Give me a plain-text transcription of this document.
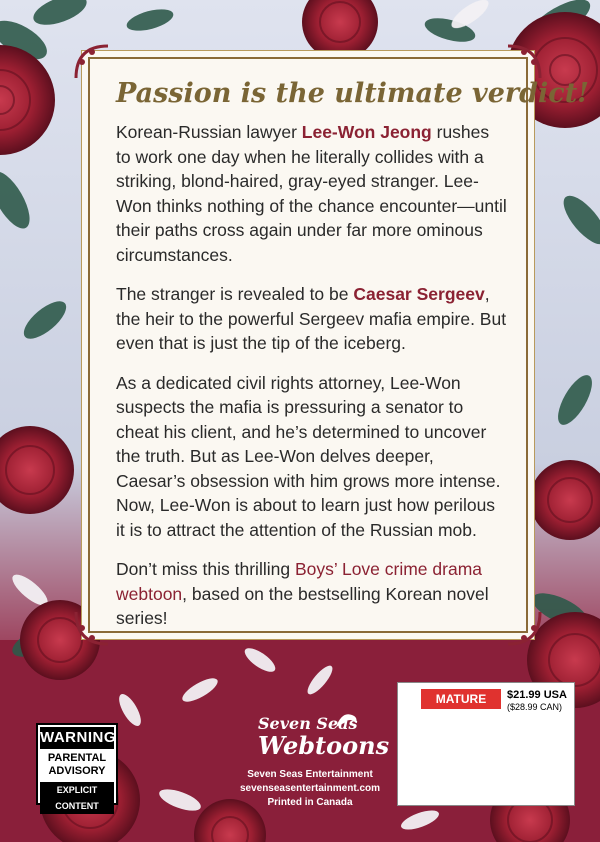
Passion is the ultimate verdict!

Korean-Russian lawyer Lee-Won Jeong rushes to work one day when he literally collides with a striking, blond-haired, gray-eyed stranger. Lee-Won thinks nothing of the chance encounter—until their paths cross again under far more ominous circumstances.

The stranger is revealed to be Caesar Sergeev, the heir to the powerful Sergeev mafia empire. But even that is just the tip of the iceberg.

As a dedicated civil rights attorney, Lee-Won suspects the mafia is pressuring a senator to cheat his client, and he’s determined to uncover the truth. But as Lee-Won delves deeper, Caesar’s obsession with him grows more intense. Now, Lee-Won is about to learn just how perilous it is to attract the attention of the Russian mob.

Don’t miss this thrilling Boys’ Love crime drama webtoon, based on the bestselling Korean novel series!

WARNING
PARENTAL
ADVISORY
EXPLICIT CONTENT
Seven Seas
Webtoons
Seven Seas Entertainment
sevenseasentertainment.com
Printed in Canada
MATURE	$21.99 USA
($28.99 CAN)
